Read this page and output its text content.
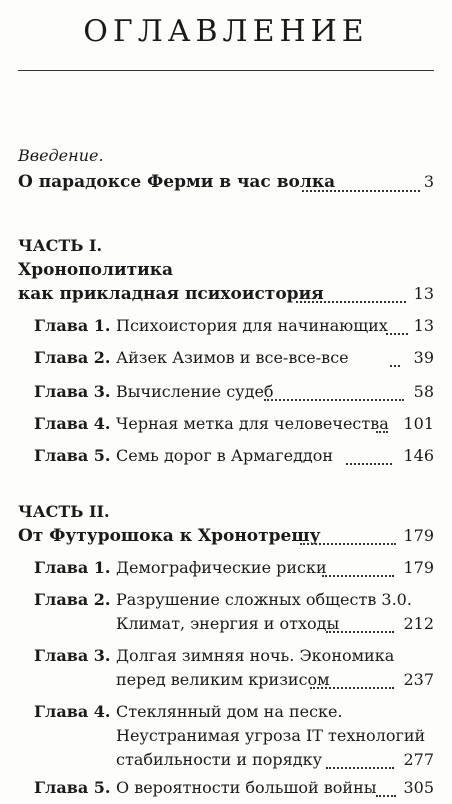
ОГЛАВЛЕНИЕ
Введение.
О парадоксе Ферми в час волка	3
ЧАСТЬ I.
Хронополитика
как прикладная психоистория	13
Глава 1. Психоистория для начинающих 13
Глава 2. Айзек Азимов и все-все-все	39
Глава 3. Вычисление судеб	58
Глава 4. Черная метка для человечества 101
Глава 5. Семь дорог в Армагеддон	146
ЧАСТЬ II.
От Футурошока к Хронотрешу	179
Глава 1. Демографические риски	179
Глава 2. Разрушение сложных обществ 3.0.
Климат, энергия и отходы	212
Глава 3. Долгая зимняя ночь. Экономика
перед великим кризисом	237
Глава 4. Стеклянный дом на песке.
Неустранимая угроза IT технологий
стабильности и порядку	277
Глава 5. О вероятности большой войны 305
